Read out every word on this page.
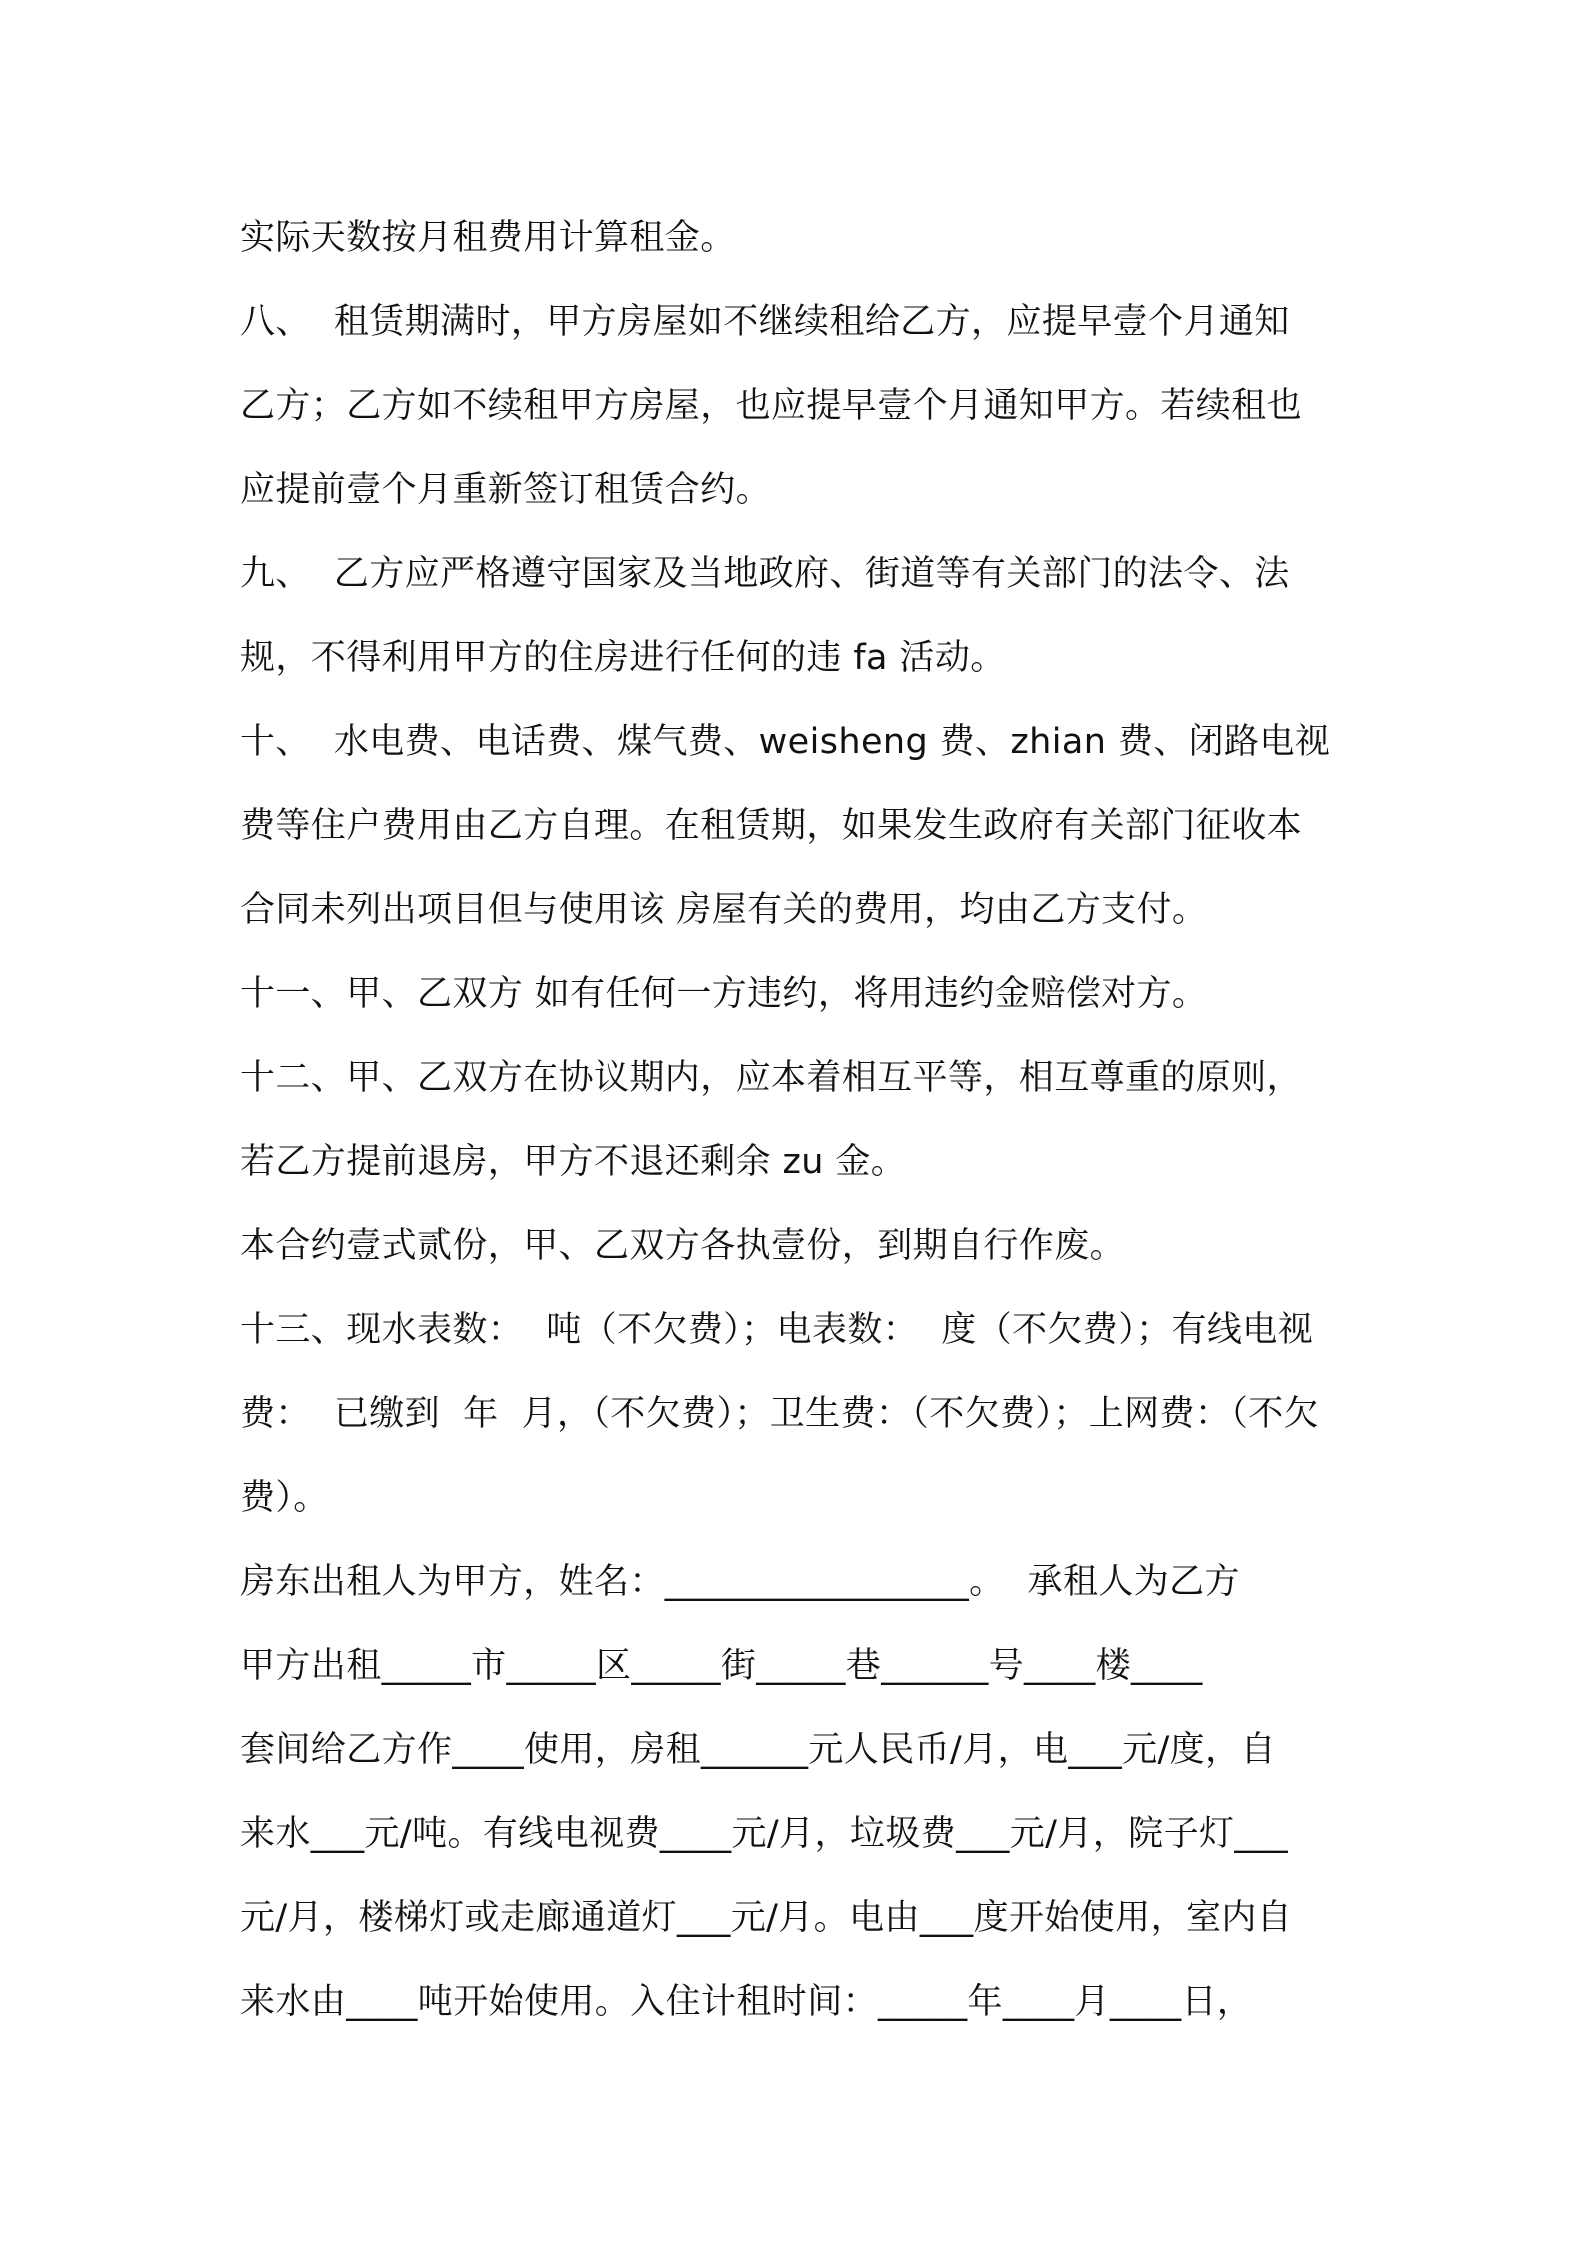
实际天数按月租费用计算租金。
八、  租赁期满时，甲方房屋如不继续租给乙方，应提早壹个月通知
乙方；乙方如不续租甲方房屋，也应提早壹个月通知甲方。若续租也
应提前壹个月重新签订租赁合约。
九、  乙方应严格遵守国家及当地政府、街道等有关部门的法令、法
规，不得利用甲方的住房进行任何的违 fa 活动。
十、  水电费、电话费、煤气费、weisheng 费、zhian 费、闭路电视
费等住户费用由乙方自理。在租赁期，如果发生政府有关部门征收本
合同未列出项目但与使用该 房屋有关的费用，均由乙方支付。
十一、甲、乙双方 如有任何一方违约，将用违约金赔偿对方。
十二、甲、乙双方在协议期内，应本着相互平等，相互尊重的原则，
若乙方提前退房，甲方不退还剩余 zu 金。
本合约壹式贰份，甲、乙双方各执壹份，到期自行作废。
十三、现水表数：  吨（不欠费）；电表数：  度（不欠费）；有线电视
费：  已缴到  年  月，（不欠费）；卫生费：（不欠费）；上网费：（不欠
费）。
房东出租人为甲方，姓名：_________________。  承租人为乙方
甲方出租_____市_____区_____街_____巷______号____楼____
套间给乙方作____使用，房租______元人民币/月，电___元/度，自
来水___元/吨。有线电视费____元/月，垃圾费___元/月，院子灯___
元/月，楼梯灯或走廊通道灯___元/月。电由___度开始使用，室内自
来水由____吨开始使用。入住计租时间：_____年____月____日，
